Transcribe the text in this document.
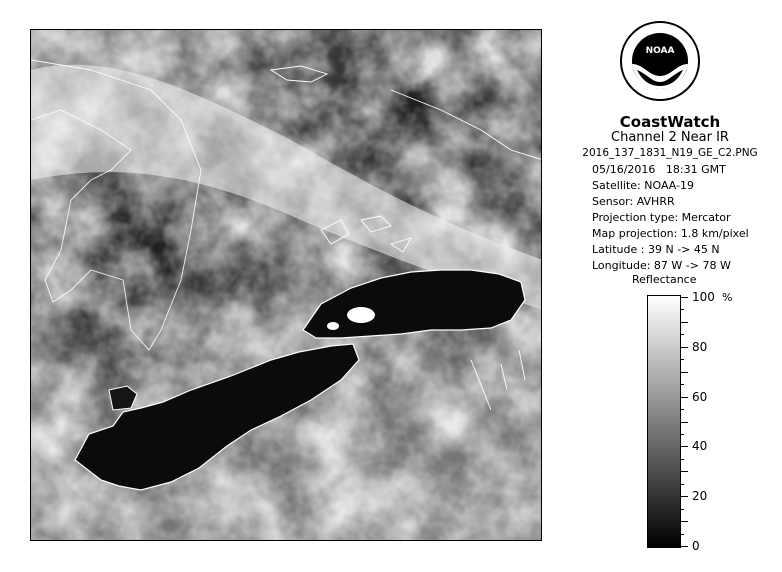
NOAA
CoastWatch
Channel 2 Near IR
2016_137_1831_N19_GE_C2.PNG
05/16/2016 18:31 GMT
Satellite: NOAA-19
Sensor: AVHRR
Projection type: Mercator
Map projection: 1.8 km/pixel
Latitude : 39 N -> 45 N
Longitude: 87 W -> 78 W
Reflectance
%
100
80
60
40
20
0
